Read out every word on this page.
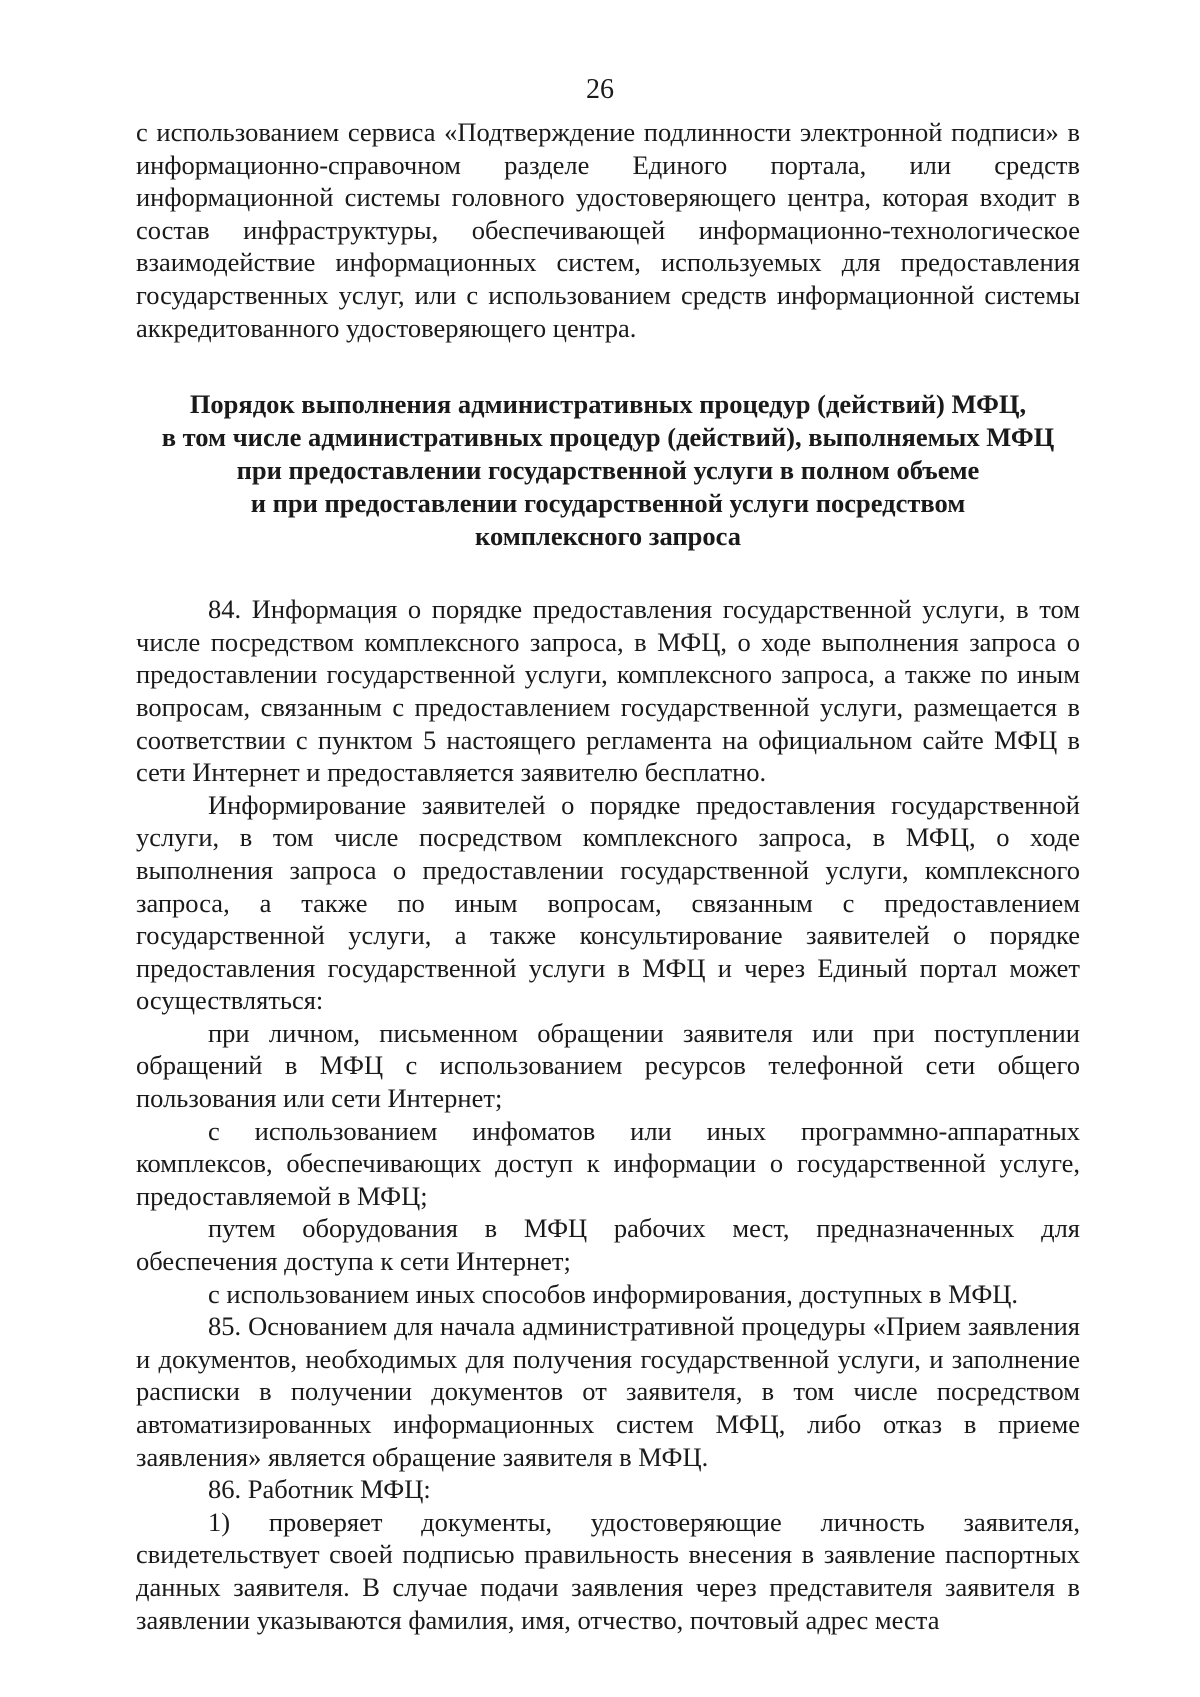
26

с использованием сервиса «Подтверждение подлинности электронной подписи» в информационно-справочном разделе Единого портала, или средств информационной системы головного удостоверяющего центра, которая входит в состав инфраструктуры, обеспечивающей информационно-технологическое взаимодействие информационных систем, используемых для предоставления государственных услуг, или с использованием средств информационной системы аккредитованного удостоверяющего центра.

Порядок выполнения административных процедур (действий) МФЦ,
в том числе административных процедур (действий), выполняемых МФЦ
при предоставлении государственной услуги в полном объеме
и при предоставлении государственной услуги посредством
комплексного запроса

84. Информация о порядке предоставления государственной услуги, в том числе посредством комплексного запроса, в МФЦ, о ходе выполнения запроса о предоставлении государственной услуги, комплексного запроса, а также по иным вопросам, связанным с предоставлением государственной услуги, размещается в соответствии с пунктом 5 настоящего регламента на официальном сайте МФЦ в сети Интернет и предоставляется заявителю бесплатно.

Информирование заявителей о порядке предоставления государственной услуги, в том числе посредством комплексного запроса, в МФЦ, о ходе выполнения запроса о предоставлении государственной услуги, комплексного запроса, а также по иным вопросам, связанным с предоставлением государственной услуги, а также консультирование заявителей о порядке предоставления государственной услуги в МФЦ и через Единый портал может осуществляться:

при личном, письменном обращении заявителя или при поступлении обращений в МФЦ с использованием ресурсов телефонной сети общего пользования или сети Интернет;

с использованием инфоматов или иных программно-аппаратных комплексов, обеспечивающих доступ к информации о государственной услуге, предоставляемой в МФЦ;

путем оборудования в МФЦ рабочих мест, предназначенных для обеспечения доступа к сети Интернет;

с использованием иных способов информирования, доступных в МФЦ.

85. Основанием для начала административной процедуры «Прием заявления и документов, необходимых для получения государственной услуги, и заполнение расписки в получении документов от заявителя, в том числе посредством автоматизированных информационных систем МФЦ, либо отказ в приеме заявления» является обращение заявителя в МФЦ.

86. Работник МФЦ:

1) проверяет документы, удостоверяющие личность заявителя, свидетельствует своей подписью правильность внесения в заявление паспортных данных заявителя. В случае подачи заявления через представителя заявителя в заявлении указываются фамилия, имя, отчество, почтовый адрес места
